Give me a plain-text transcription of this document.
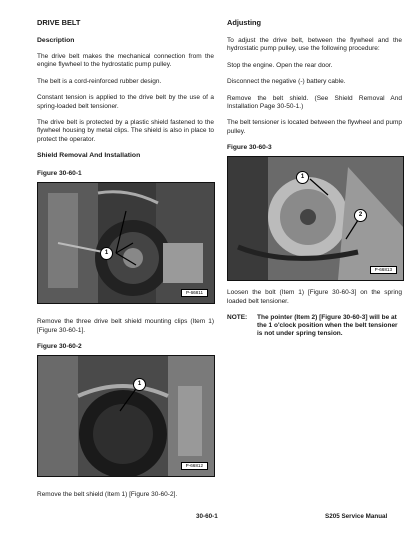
DRIVE BELT
Description
The drive belt makes the mechanical connection from the engine flywheel to the hydrostatic pump pulley.
The belt is a cord-reinforced rubber design.
Constant tension is applied to the drive belt by the use of a spring-loaded belt tensioner.
The drive belt is protected by a plastic shield fastened to the flywheel housing by metal clips. The shield is also in place to protect the operator.
Shield Removal And Installation
Figure 30-60-1
1
P-66811
Remove the three drive belt shield mounting clips (Item 1) [Figure 30-60-1].
Figure 30-60-2
1
P-66812
Remove the belt shield (Item 1) [Figure 30-60-2].
Adjusting
To adjust the drive belt, between the flywheel and the hydrostatic pump pulley, use the following procedure:
Stop the engine. Open the rear door.
Disconnect the negative (-) battery cable.
Remove the belt shield. (See Shield Removal And Installation Page 30-50-1.)
The belt tensioner is located between the flywheel and pump pulley.
Figure 30-60-3
1
2
P-66813
Loosen the bolt (Item 1) [Figure 30-60-3] on the spring loaded belt tensioner.
NOTE:	The pointer (Item 2) [Figure 30-60-3] will be at the 1 o'clock position when the belt tensioner is not under spring tension.
30-60-1	S205 Service Manual
